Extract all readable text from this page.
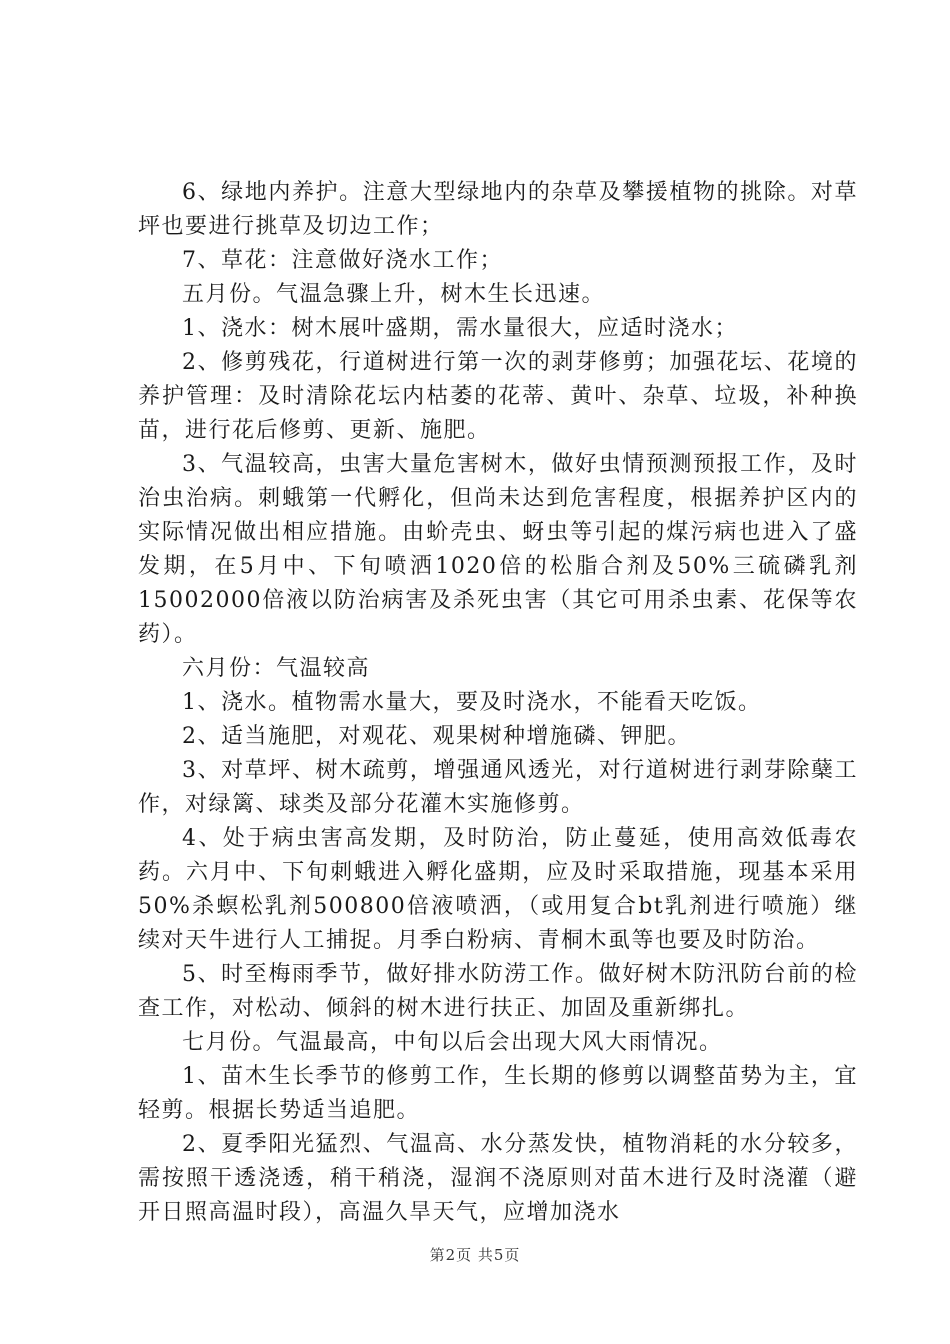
6、绿地内养护。注意大型绿地内的杂草及攀援植物的挑除。对草坪也要进行挑草及切边工作；

7、草花：注意做好浇水工作；

五月份。气温急骤上升，树木生长迅速。

1、浇水：树木展叶盛期，需水量很大，应适时浇水；

2、修剪残花，行道树进行第一次的剥芽修剪；加强花坛、花境的养护管理：及时清除花坛内枯萎的花蒂、黄叶、杂草、垃圾，补种换苗，进行花后修剪、更新、施肥。

3、气温较高，虫害大量危害树木，做好虫情预测预报工作，及时治虫治病。刺蛾第一代孵化，但尚未达到危害程度，根据养护区内的实际情况做出相应措施。由蚧壳虫、蚜虫等引起的煤污病也进入了盛发期，在5月中、下旬喷洒1020倍的松脂合剂及50%三硫磷乳剂15002000倍液以防治病害及杀死虫害（其它可用杀虫素、花保等农药）。

六月份：气温较高

1、浇水。植物需水量大，要及时浇水，不能看天吃饭。

2、适当施肥，对观花、观果树种增施磷、钾肥。

3、对草坪、树木疏剪，增强通风透光，对行道树进行剥芽除蘖工作，对绿篱、球类及部分花灌木实施修剪。

4、处于病虫害高发期，及时防治，防止蔓延，使用高效低毒农药。六月中、下旬刺蛾进入孵化盛期，应及时采取措施，现基本采用50%杀螟松乳剂500800倍液喷洒，（或用复合bt乳剂进行喷施）继续对天牛进行人工捕捉。月季白粉病、青桐木虱等也要及时防治。

5、时至梅雨季节，做好排水防涝工作。做好树木防汛防台前的检查工作，对松动、倾斜的树木进行扶正、加固及重新绑扎。

七月份。气温最高，中旬以后会出现大风大雨情况。

1、苗木生长季节的修剪工作，生长期的修剪以调整苗势为主，宜轻剪。根据长势适当追肥。

2、夏季阳光猛烈、气温高、水分蒸发快，植物消耗的水分较多，需按照干透浇透，稍干稍浇，湿润不浇原则对苗木进行及时浇灌（避开日照高温时段），高温久旱天气，应增加浇水

第2页 共5页
